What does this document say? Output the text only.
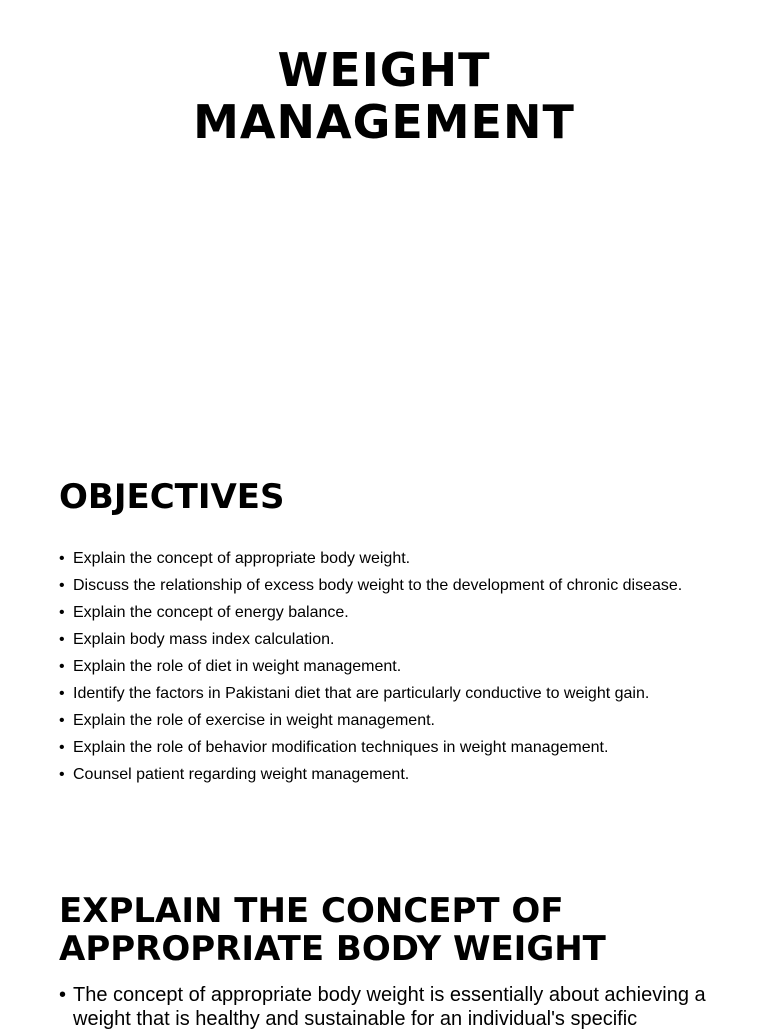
WEIGHT
MANAGEMENT
OBJECTIVES
• Explain the concept of appropriate body weight.
• Discuss the relationship of excess body weight to the development of chronic disease.
• Explain the concept of energy balance.
• Explain body mass index calculation.
• Explain the role of diet in weight management.
• Identify the factors in Pakistani diet that are particularly conductive to weight gain.
• Explain the role of exercise in weight management.
• Explain the role of behavior modification techniques in weight management.
• Counsel patient regarding weight management.
EXPLAIN THE CONCEPT OF
APPROPRIATE BODY WEIGHT
• The concept of appropriate body weight is essentially about achieving a weight that is healthy and sustainable for an individual's specific
